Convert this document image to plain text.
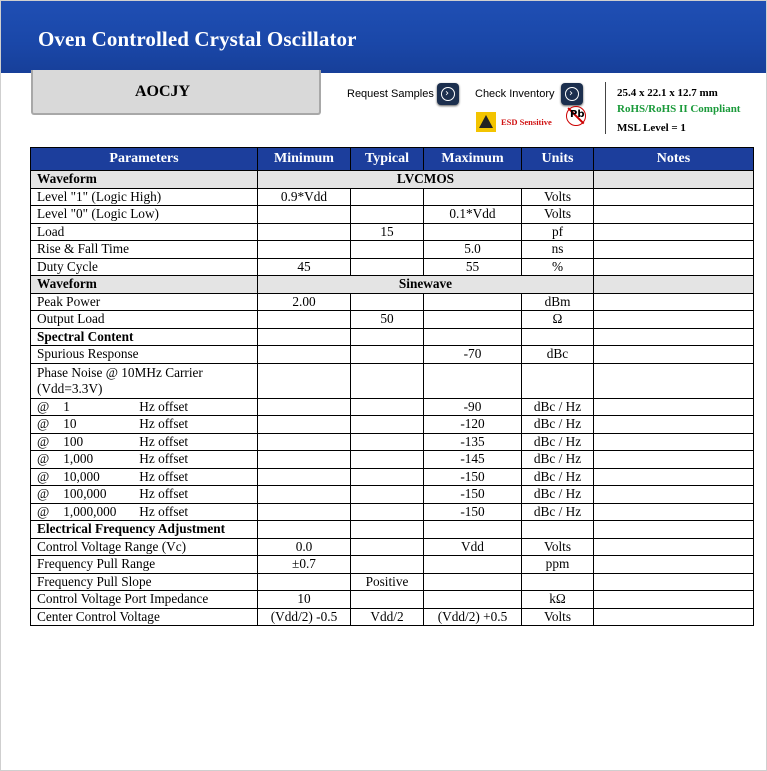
Oven Controlled Crystal Oscillator
AOCJY	Request Samples › Check Inventory ›
ESD Sensitive
Pb
25.4 x 22.1 x 12.7 mm
RoHS/RoHS II Compliant
MSL Level = 1
Parameters	Minimum	Typical	Maximum	Units	Notes
Waveform	LVCMOS				
Level "1" (Logic High)	0.9*Vdd			Volts	
Level "0" (Logic Low)			0.1*Vdd	Volts	
Load		15		pf	
Rise & Fall Time			5.0	ns	
Duty Cycle	45		55	%	
Waveform	Sinewave				
Peak Power	2.00			dBm	
Output Load		50		Ω	
Spectral Content					
Spurious Response			-70	dBc	

Phase Noise @ 10MHz Carrier
(Vdd=3.3V)					

@ 1 Hz offset			-90	dBc / Hz	
@ 10 Hz offset			-120	dBc / Hz	
@ 100 Hz offset			-135	dBc / Hz	
@ 1,000 Hz offset			-145	dBc / Hz	
@ 10,000 Hz offset			-150	dBc / Hz	
@ 100,000 Hz offset			-150	dBc / Hz	
@ 1,000,000 Hz offset			-150	dBc / Hz	
Electrical Frequency Adjustment					
Control Voltage Range (Vc)	0.0		Vdd	Volts	
Frequency Pull Range	±0.7			ppm	
Frequency Pull Slope		Positive			
Control Voltage Port Impedance	10			kΩ	
Center Control Voltage	(Vdd/2) -0.5	Vdd/2	(Vdd/2) +0.5	Volts	
